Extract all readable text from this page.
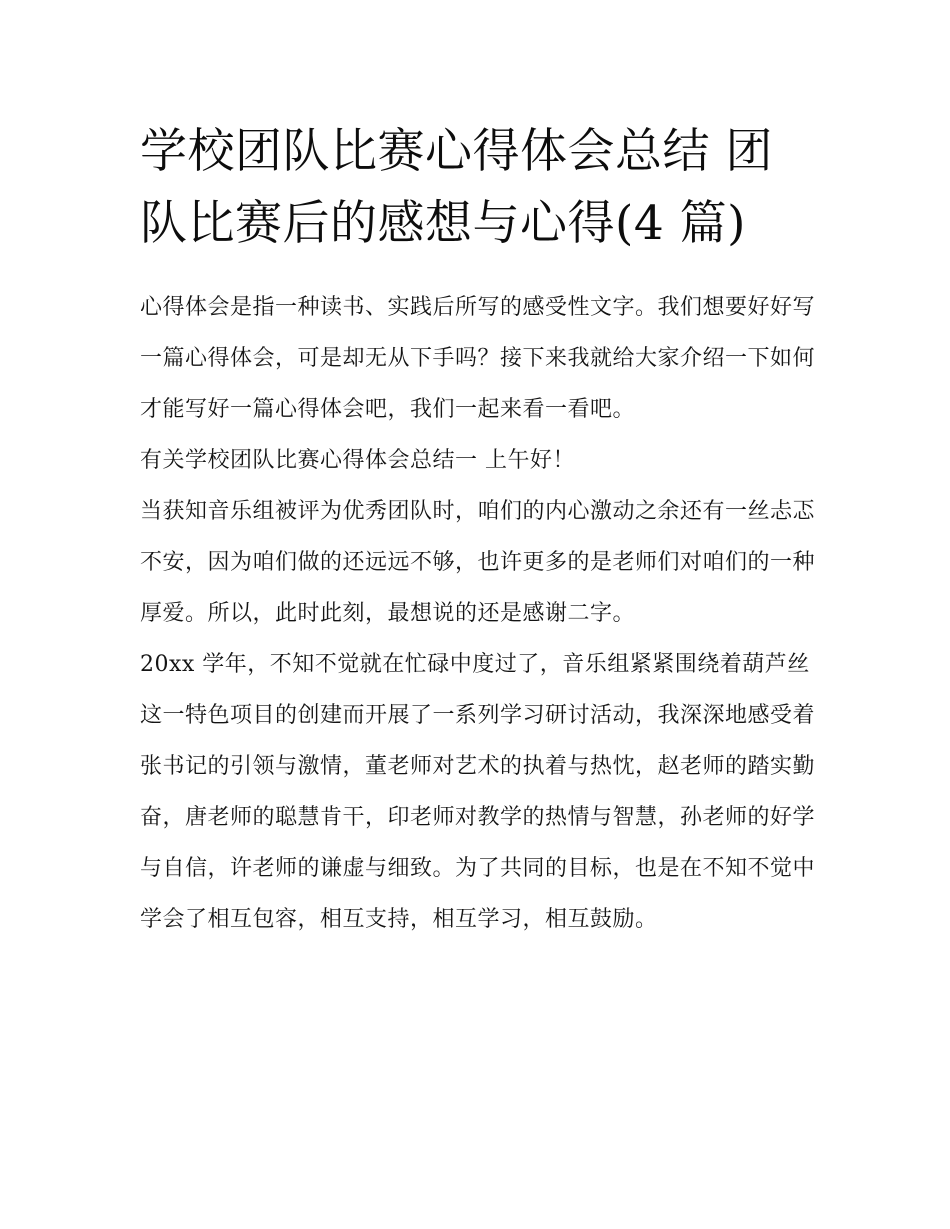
学校团队比赛心得体会总结 团
队比赛后的感想与心得(4 篇)

心得体会是指一种读书、实践后所写的感受性文字。我们想要好好写一篇心得体会，可是却无从下手吗？接下来我就给大家介绍一下如何才能写好一篇心得体会吧，我们一起来看一看吧。

有关学校团队比赛心得体会总结一 上午好！

当获知音乐组被评为优秀团队时，咱们的内心激动之余还有一丝忐忑不安，因为咱们做的还远远不够，也许更多的是老师们对咱们的一种厚爱。所以，此时此刻，最想说的还是感谢二字。

20xx 学年，不知不觉就在忙碌中度过了，音乐组紧紧围绕着葫芦丝这一特色项目的创建而开展了一系列学习研讨活动，我深深地感受着张书记的引领与激情，董老师对艺术的执着与热忱，赵老师的踏实勤奋，唐老师的聪慧肯干，印老师对教学的热情与智慧，孙老师的好学与自信，许老师的谦虚与细致。为了共同的目标，也是在不知不觉中学会了相互包容，相互支持，相互学习，相互鼓励。
